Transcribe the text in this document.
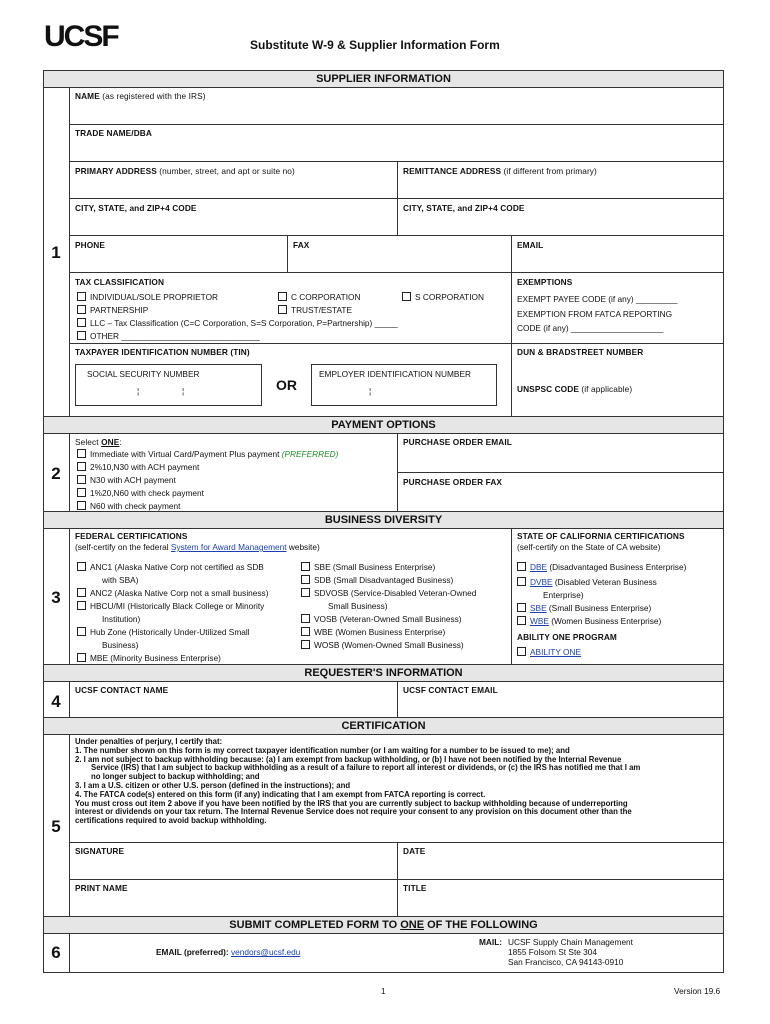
UCSF	Substitute W-9 & Supplier Information Form
SUPPLIER INFORMATION
1
NAME (as registered with the IRS)
TRADE NAME/DBA
PRIMARY ADDRESS (number, street, and apt or suite no)	REMITTANCE ADDRESS (if different from primary)
CITY, STATE, and ZIP+4 CODE	CITY, STATE, and ZIP+4 CODE
PHONE	FAX	EMAIL
TAX CLASSIFICATION
INDIVIDUAL/SOLE PROPRIETOR	C CORPORATION	S CORPORATION
PARTNERSHIP	TRUST/ESTATE
LLC – Tax Classification (C=C Corporation, S=S Corporation, P=Partnership) _____
OTHER ______________________________
EXEMPTIONS
EXEMPT PAYEE CODE (if any) _________
EXEMPTION FROM FATCA REPORTING
CODE (if any) ____________________
TAXPAYER IDENTIFICATION NUMBER (TIN)
SOCIAL SECURITY NUMBER
¦	¦	OR
EMPLOYER IDENTIFICATION NUMBER
¦
DUN & BRADSTREET NUMBER
UNSPSC CODE (if applicable)
PAYMENT OPTIONS
2
Select ONE:
Immediate with Virtual Card/Payment Plus payment (PREFERRED)
2%10,N30 with ACH payment
N30 with ACH payment
1%20,N60 with check payment
N60 with check payment
PURCHASE ORDER EMAIL
PURCHASE ORDER FAX
BUSINESS DIVERSITY
3
FEDERAL CERTIFICATIONS
(self-certify on the federal System for Award Management website)
ANC1 (Alaska Native Corp not certified as SDB
with SBA)
ANC2 (Alaska Native Corp not a small business)
HBCU/MI (Historically Black College or Minority
Institution)
Hub Zone (Historically Under-Utilized Small
Business)
MBE (Minority Business Enterprise)
SBE (Small Business Enterprise)
SDB (Small Disadvantaged Business)
SDVOSB (Service-Disabled Veteran-Owned
Small Business)
VOSB (Veteran-Owned Small Business)
WBE (Women Business Enterprise)
WOSB (Women-Owned Small Business)
STATE OF CALIFORNIA CERTIFICATIONS
(self-certify on the State of CA website)
DBE (Disadvantaged Business Enterprise)
DVBE (Disabled Veteran Business
Enterprise)
SBE (Small Business Enterprise)
WBE (Women Business Enterprise)
ABILITY ONE PROGRAM
ABILITY ONE
REQUESTER'S INFORMATION
4
UCSF CONTACT NAME	UCSF CONTACT EMAIL
CERTIFICATION
5
Under penalties of perjury, I certify that:
1. The number shown on this form is my correct taxpayer identification number (or I am waiting for a number to be issued to me); and
2. I am not subject to backup withholding because: (a) I am exempt from backup withholding, or (b) I have not been notified by the Internal Revenue
Service (IRS) that I am subject to backup withholding as a result of a failure to report all interest or dividends, or (c) the IRS has notified me that I am
no longer subject to backup withholding; and
3. I am a U.S. citizen or other U.S. person (defined in the instructions); and
4. The FATCA code(s) entered on this form (if any) indicating that I am exempt from FATCA reporting is correct.
You must cross out item 2 above if you have been notified by the IRS that you are currently subject to backup withholding because of underreporting
interest or dividends on your tax return. The Internal Revenue Service does not require your consent to any provision on this document other than the
certifications required to avoid backup withholding.
SIGNATURE	DATE
PRINT NAME	TITLE
SUBMIT COMPLETED FORM TO ONE OF THE FOLLOWING
6	EMAIL (preferred): vendors@ucsf.edu
MAIL: UCSF Supply Chain Management
1855 Folsom St Ste 304
San Francisco, CA 94143-0910
1	Version 19.6
